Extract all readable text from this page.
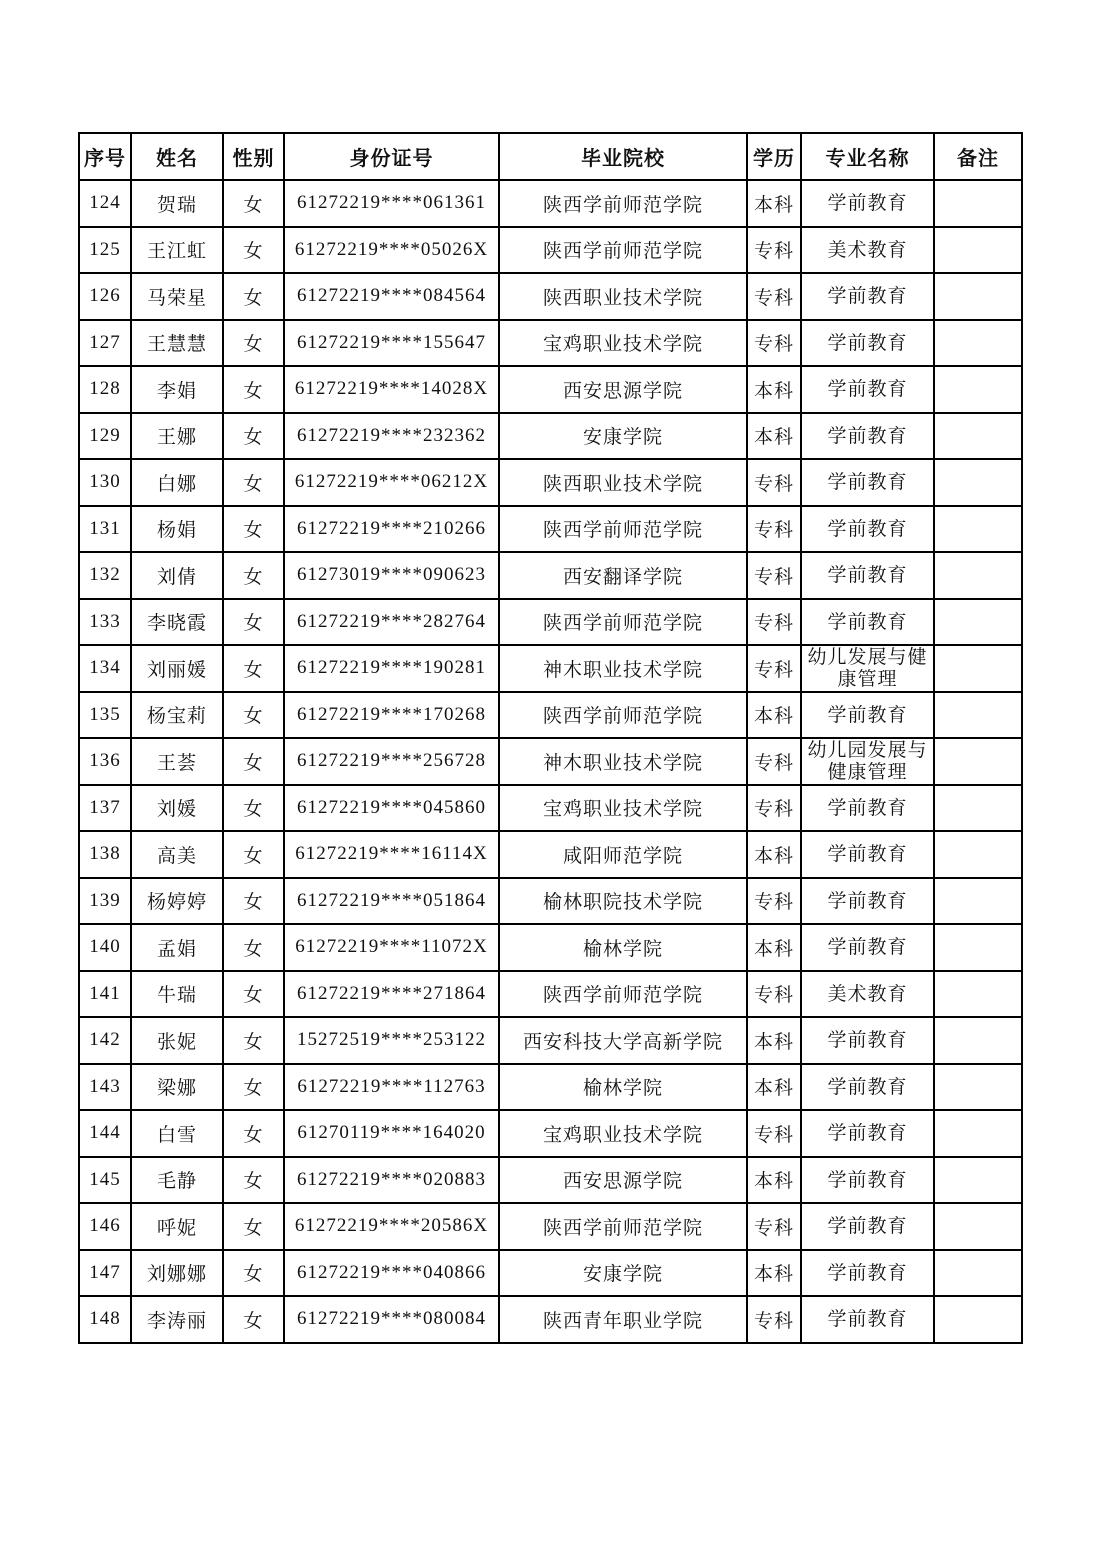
序号	姓名	性别	身份证号	毕业院校	学历	专业名称	备注
124	贺瑞	女	61272219****061361	陕西学前师范学院	本科	学前教育	
125	王江虹	女	61272219****05026X	陕西学前师范学院	专科	美术教育	
126	马荣星	女	61272219****084564	陕西职业技术学院	专科	学前教育	
127	王慧慧	女	61272219****155647	宝鸡职业技术学院	专科	学前教育	
128	李娟	女	61272219****14028X	西安思源学院	本科	学前教育	
129	王娜	女	61272219****232362	安康学院	本科	学前教育	
130	白娜	女	61272219****06212X	陕西职业技术学院	专科	学前教育	
131	杨娟	女	61272219****210266	陕西学前师范学院	专科	学前教育	
132	刘倩	女	61273019****090623	西安翻译学院	专科	学前教育	
133	李晓霞	女	61272219****282764	陕西学前师范学院	专科	学前教育	
134	刘丽媛	女	61272219****190281	神木职业技术学院	专科	幼儿发展与健康管理	
135	杨宝莉	女	61272219****170268	陕西学前师范学院	本科	学前教育	
136	王荟	女	61272219****256728	神木职业技术学院	专科	幼儿园发展与健康管理	
137	刘媛	女	61272219****045860	宝鸡职业技术学院	专科	学前教育	
138	高美	女	61272219****16114X	咸阳师范学院	本科	学前教育	
139	杨婷婷	女	61272219****051864	榆林职院技术学院	专科	学前教育	
140	孟娟	女	61272219****11072X	榆林学院	本科	学前教育	
141	牛瑞	女	61272219****271864	陕西学前师范学院	专科	美术教育	
142	张妮	女	15272519****253122	西安科技大学高新学院	本科	学前教育	
143	梁娜	女	61272219****112763	榆林学院	本科	学前教育	
144	白雪	女	61270119****164020	宝鸡职业技术学院	专科	学前教育	
145	毛静	女	61272219****020883	西安思源学院	本科	学前教育	
146	呼妮	女	61272219****20586X	陕西学前师范学院	专科	学前教育	
147	刘娜娜	女	61272219****040866	安康学院	本科	学前教育	
148	李涛丽	女	61272219****080084	陕西青年职业学院	专科	学前教育	
